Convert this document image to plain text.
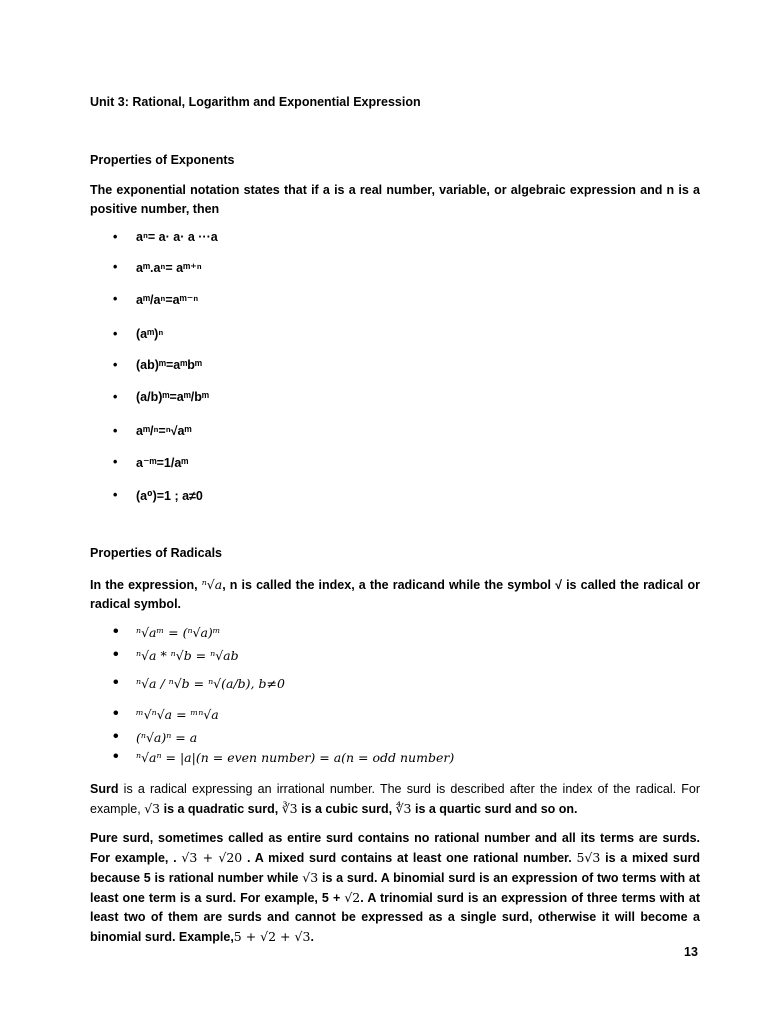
Unit 3: Rational, Logarithm and Exponential Expression
Properties of Exponents
The exponential notation states that if a is a real number, variable, or algebraic expression and n is a positive number, then
• aⁿ= a· a· a ···a
• aᵐ.aⁿ= aᵐ⁺ⁿ
• aᵐ/aⁿ=aᵐ⁻ⁿ
• (aᵐ)ⁿ
• (ab)ᵐ=aᵐbᵐ
• (a/b)ᵐ=aᵐ/bᵐ
• aᵐ/ⁿ=ⁿ√aᵐ
• a⁻ᵐ=1/aᵐ
• (a⁰)=1 ; a≠0
Properties of Radicals
In the expression, ⁿ√a, n is called the index, a the radicand while the symbol √ is called the radical or radical symbol.
• ⁿ√aᵐ = (ⁿ√a)ᵐ
• ⁿ√a * ⁿ√b = ⁿ√ab
• ⁿ√a / ⁿ√b = ⁿ√(a/b), b≠0
• ᵐ√ⁿ√a = ᵐⁿ√a
• (ⁿ√a)ⁿ = a
• ⁿ√aⁿ = |a|(n = even number) = a(n = odd number)
Surd is a radical expressing an irrational number. The surd is described after the index of the radical. For example, √3 is a quadratic surd, ∛3 is a cubic surd, ∜3 is a quartic surd and so on.
Pure surd, sometimes called as entire surd contains no rational number and all its terms are surds. For example, . √3 + √20 . A mixed surd contains at least one rational number. 5√3 is a mixed surd because 5 is rational number while √3 is a surd. A binomial surd is an expression of two terms with at least one term is a surd. For example, 5 + √2. A trinomial surd is an expression of three terms with at least two of them are surds and cannot be expressed as a single surd, otherwise it will become a binomial surd. Example,5 + √2 + √3.
13
